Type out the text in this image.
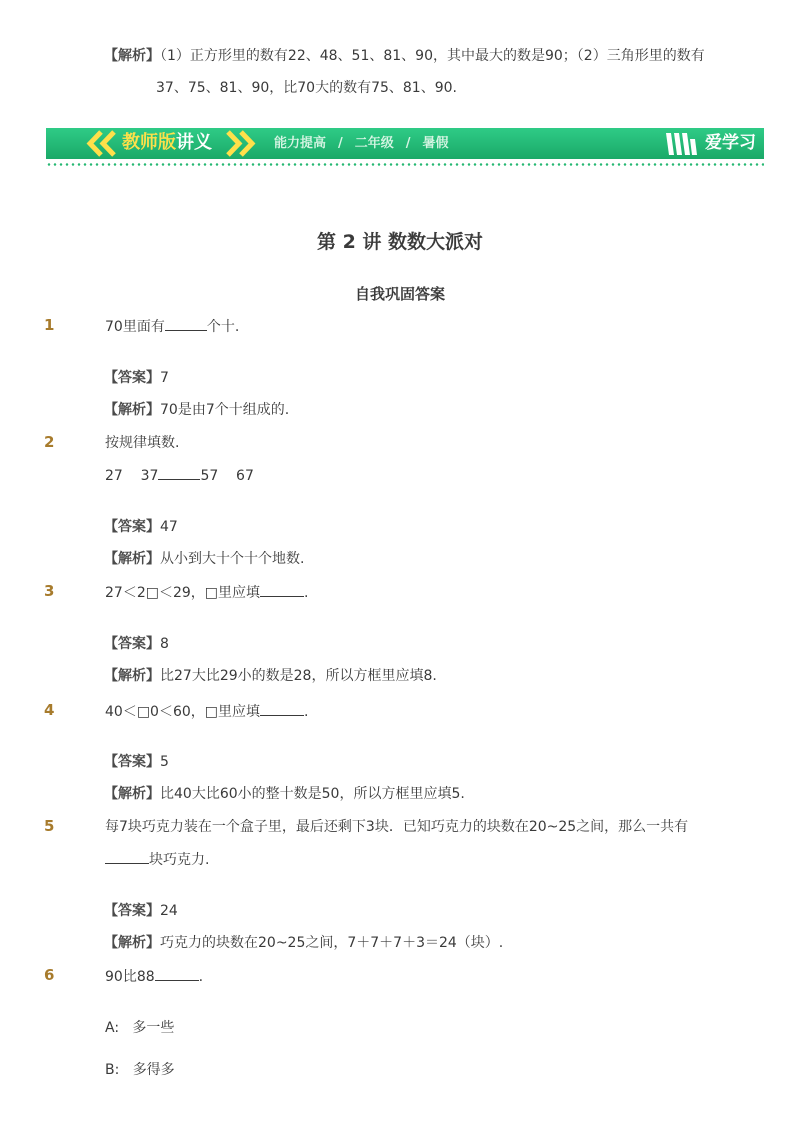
【解析】（1）正方形里的数有22、48、51、81、90，其中最大的数是90；（2）三角形里的数有
37、75、81、90，比70大的数有75、81、90.
教师版讲义	能力提高 / 二年级 / 暑假	爱学习
第 2 讲 数数大派对
自我巩固答案
1	70里面有	个十.
【答案】7
【解析】70是由7个十组成的.
2	按规律填数.
27    37	57    67
【答案】47
【解析】从小到大十个十个地数.
3	27＜2□＜29，□里应填	.
【答案】8
【解析】比27大比29小的数是28，所以方框里应填8.
4	40＜□0＜60，□里应填	.
【答案】5
【解析】比40大比60小的整十数是50，所以方框里应填5.
5	每7块巧克力装在一个盒子里，最后还剩下3块．已知巧克力的块数在20~25之间，那么一共有
块巧克力.
【答案】24
【解析】巧克力的块数在20~25之间，7＋7＋7＋3＝24（块）.
6	90比88	.
A: 多一些
B: 多得多
